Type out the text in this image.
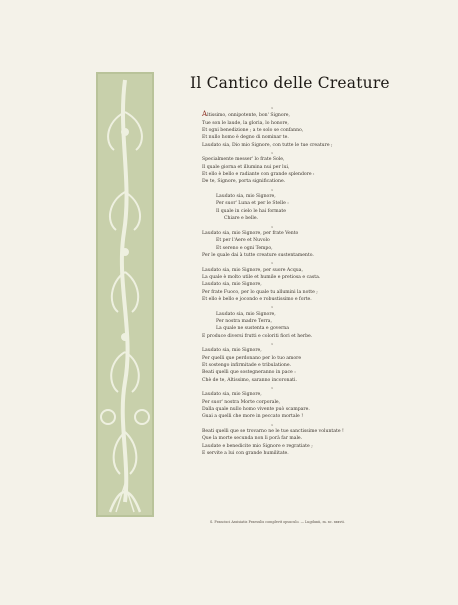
Il Cantico delle Creature
ı
Altissimo, onnipotente, bon' Signore,
Tue son le laude, la gloria, lo honore,
Et ogni benedizione ; a te solo se confanno,
Et nullo homo è degno di nominar te.
Laudato sia, Dio mio Signore, con tutte le tue creature ;
ı
Specialmente messer' lo frate Sole,
Il quale giorna et illumina nui per lui,
Et ello è bello e radiante con grande splendore :
De te, Signore, porta significatione.
ı
Laudato sia, mio Signore,
Per suor' Luna et per le Stelle :
Il quale in cielo le hai formate
Chiare e belle.
ı
Laudato sia, mio Signore, per frate Vento
Et per l'Aere et Nuvolo
Et sereno e ogni Tempo,
Per le quale dai à tutte creature sustentamento.
ı
Laudato sia, mio Signore, per suore Acqua,
La quale è molto utile et humile e pretiosa e casta.
Laudato sia, mio Signore,
Per frate Fuoco, per lo quale tu allumini la notte ;
Et ello è bello e jocondo e robustissimo e forte.
ı
Laudato sia, mio Signore,
Per nostra madre Terra,
La quale ne sustenta e governa
E produce diversi frutti e coloriti fiori et herbe.
ı
Laudato sia, mio Signore,
Per quelli que perdonano per lo tuo amore
Et sostengo infirmitade e tribulatione.
Beati quelli que sostegneranno in pace :
Chè de te, Altissimo, saranno incoronati.
ı
Laudato sia, mio Signore,
Per suor' nostra Morte corporale,
Dalla quale nullo homo vivente può scampare.
Guai a quelli che more in peccato mortale !
ı
Beati quelli que se trovarno ne le tue sanctissime voluntate !
Que la morte secunda non li porà far male.
Laudate e benedicite mio Signore e regratiate ;
E servite a lui con grande humilitate.
S. Francisci Assisiatis Praesulis complevit opusculo. — Lugdunii, m. xc. xxxvii.
